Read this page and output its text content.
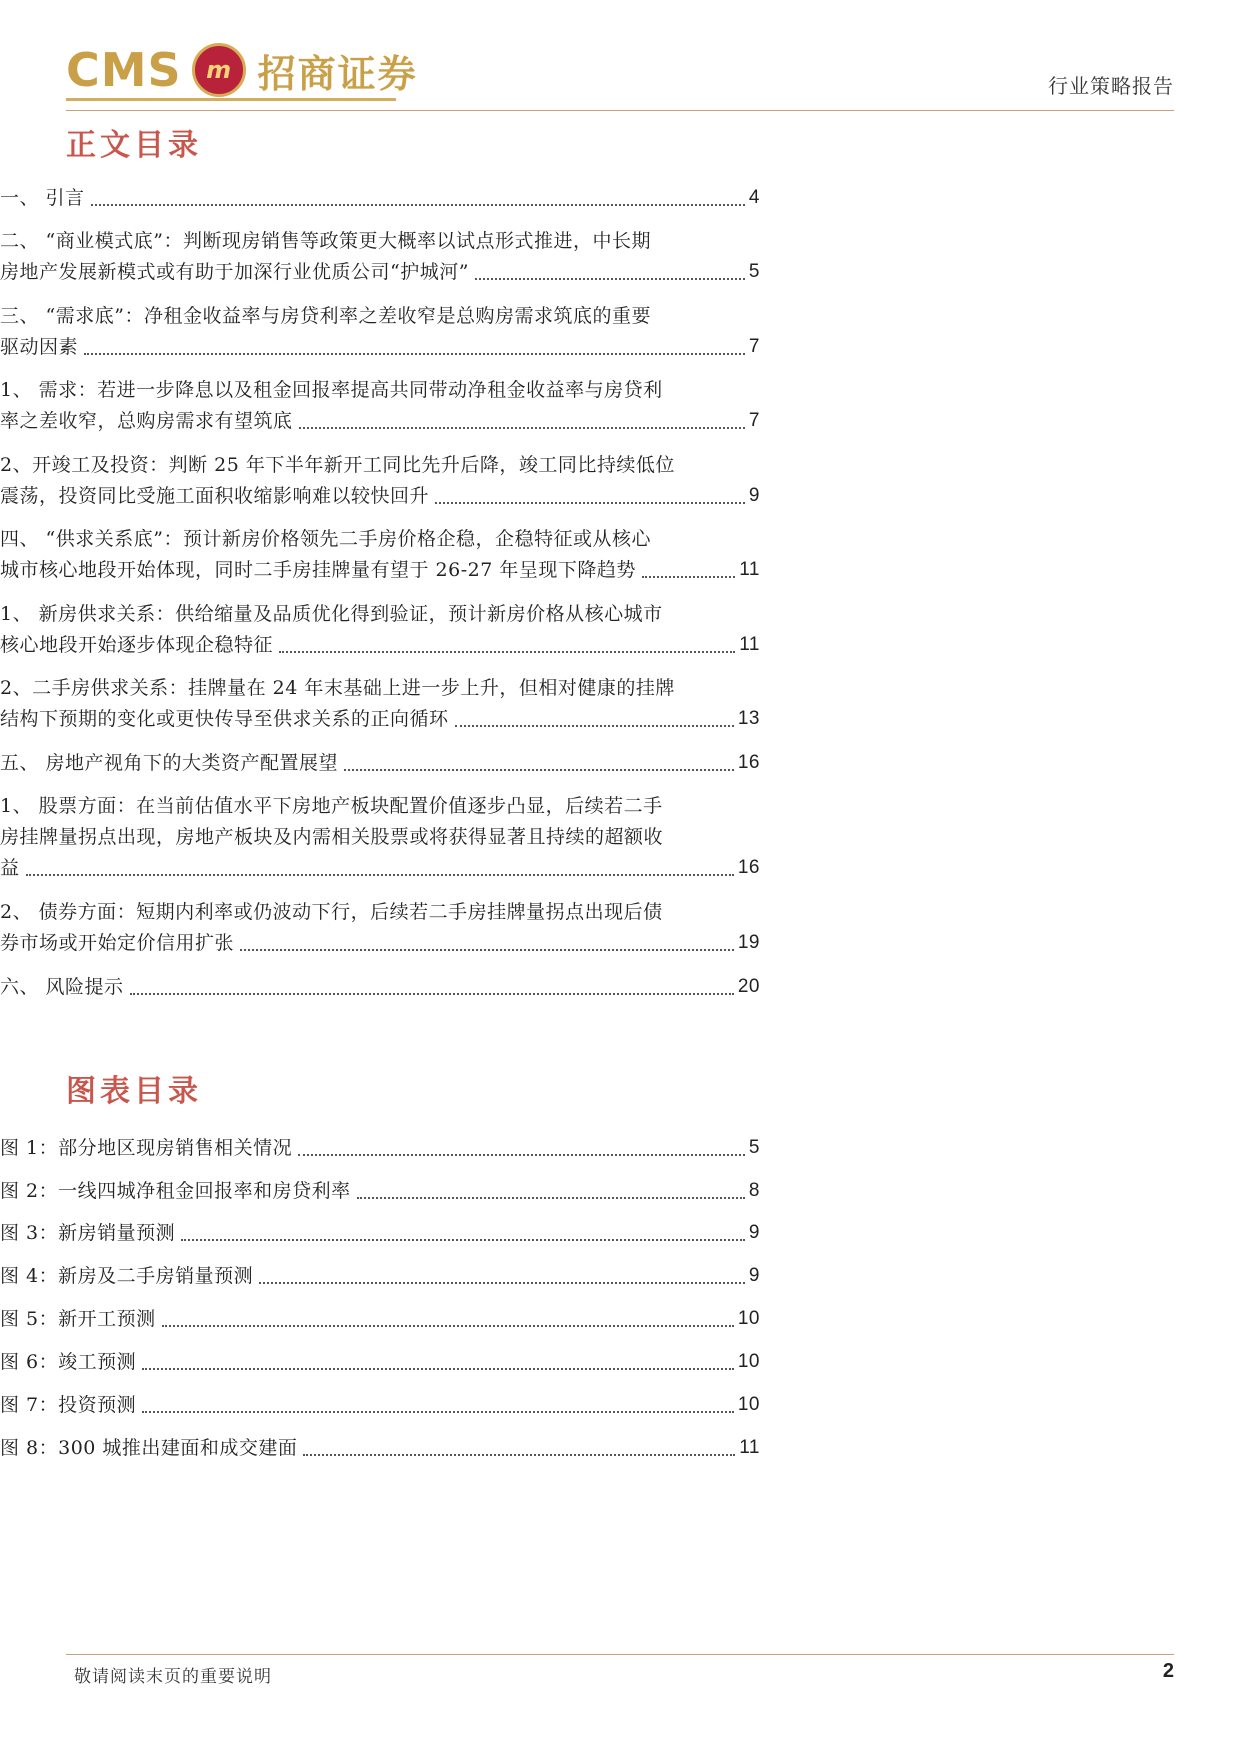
CMS m 招商证券	行业策略报告
正文目录
一、 引言	4
二、 “商业模式底”：判断现房销售等政策更大概率以试点形式推进，中长期
房地产发展新模式或有助于加深行业优质公司“护城河”	5
三、 “需求底”：净租金收益率与房贷利率之差收窄是总购房需求筑底的重要
驱动因素	7
1、 需求：若进一步降息以及租金回报率提高共同带动净租金收益率与房贷利
率之差收窄，总购房需求有望筑底	7
2、开竣工及投资：判断 25 年下半年新开工同比先升后降，竣工同比持续低位
震荡，投资同比受施工面积收缩影响难以较快回升	9
四、 “供求关系底”：预计新房价格领先二手房价格企稳，企稳特征或从核心
城市核心地段开始体现，同时二手房挂牌量有望于 26-27 年呈现下降趋势	11
1、 新房供求关系：供给缩量及品质优化得到验证，预计新房价格从核心城市
核心地段开始逐步体现企稳特征	11
2、二手房供求关系：挂牌量在 24 年末基础上进一步上升，但相对健康的挂牌
结构下预期的变化或更快传导至供求关系的正向循环	13
五、 房地产视角下的大类资产配置展望	16
1、 股票方面：在当前估值水平下房地产板块配置价值逐步凸显，后续若二手
房挂牌量拐点出现，房地产板块及内需相关股票或将获得显著且持续的超额收
益	16
2、 债券方面：短期内利率或仍波动下行，后续若二手房挂牌量拐点出现后债
券市场或开始定价信用扩张	19
六、 风险提示	20
图表目录
图 1：部分地区现房销售相关情况	5
图 2：一线四城净租金回报率和房贷利率	8
图 3：新房销量预测	9
图 4：新房及二手房销量预测	9
图 5：新开工预测	10
图 6：竣工预测	10
图 7：投资预测	10
图 8：300 城推出建面和成交建面	11
敬请阅读末页的重要说明	2
